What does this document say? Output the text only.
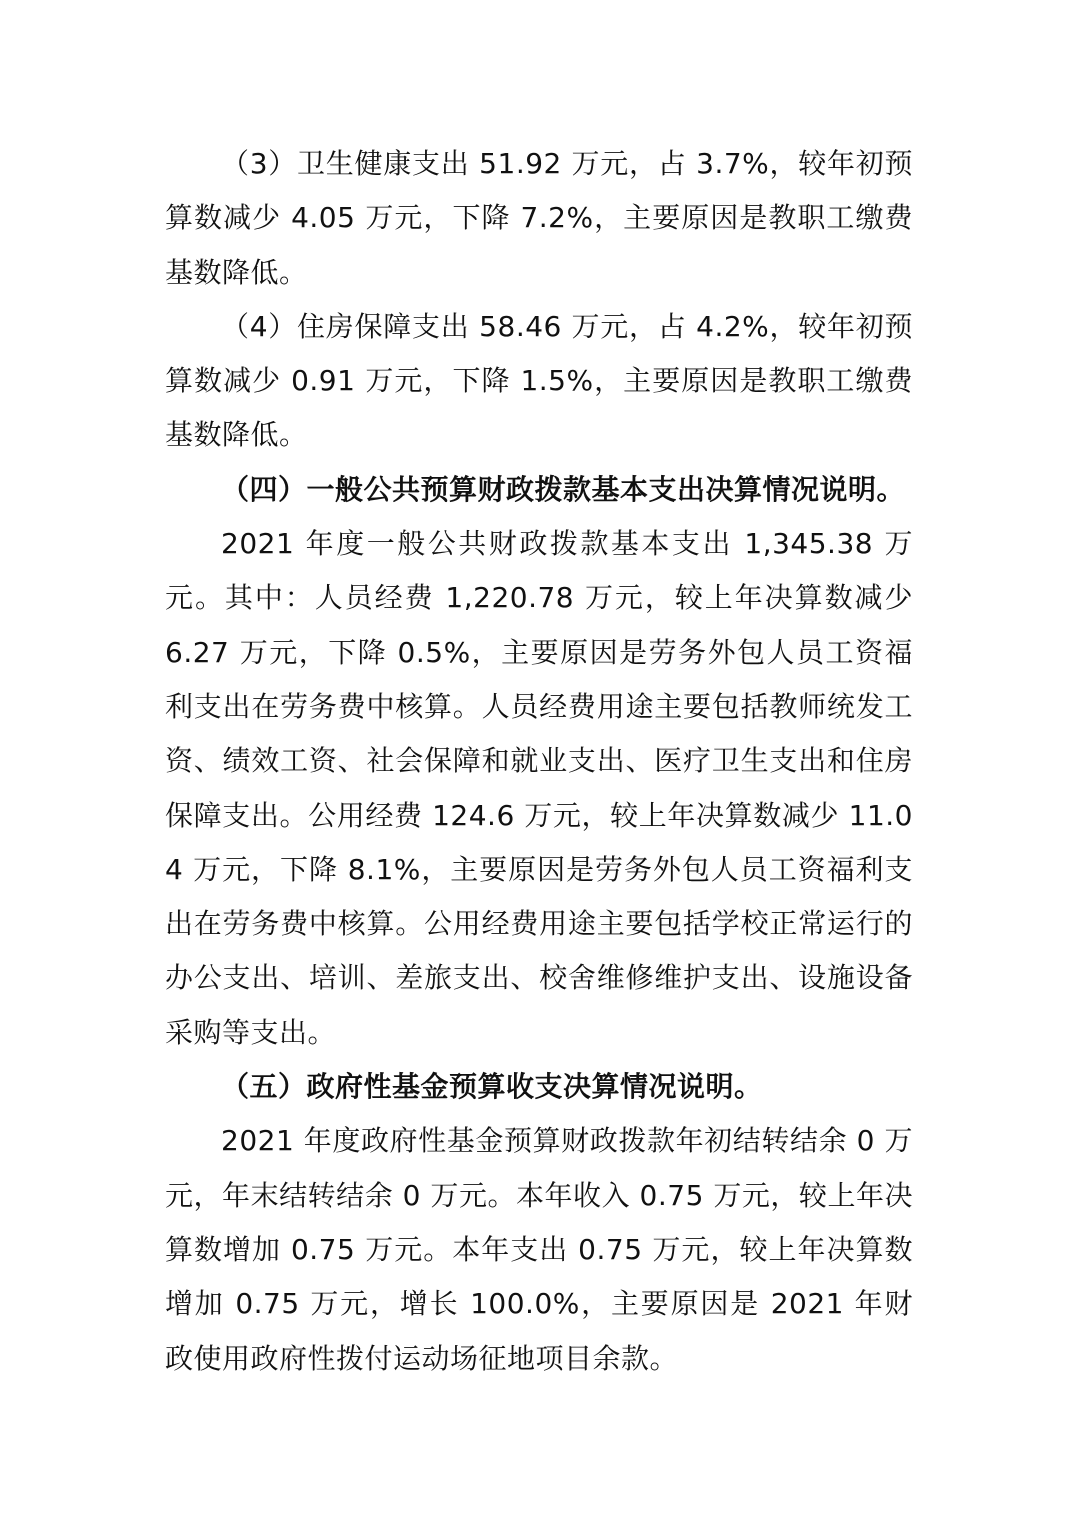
（3）卫生健康支出 51.92 万元，占 3.7%，较年初预算数减少 4.05 万元，下降 7.2%，主要原因是教职工缴费基数降低。

（4）住房保障支出 58.46 万元，占 4.2%，较年初预算数减少 0.91 万元，下降 1.5%，主要原因是教职工缴费基数降低。

（四）一般公共预算财政拨款基本支出决算情况说明。

2021 年度一般公共财政拨款基本支出 1,345.38 万元。其中：人员经费 1,220.78 万元，较上年决算数减少 6.27 万元，下降 0.5%，主要原因是劳务外包人员工资福利支出在劳务费中核算。人员经费用途主要包括教师统发工资、绩效工资、社会保障和就业支出、医疗卫生支出和住房保障支出。公用经费 124.6 万元，较上年决算数减少 11.04 万元，下降 8.1%，主要原因是劳务外包人员工资福利支出在劳务费中核算。公用经费用途主要包括学校正常运行的办公支出、培训、差旅支出、校舍维修维护支出、设施设备采购等支出。

（五）政府性基金预算收支决算情况说明。

2021 年度政府性基金预算财政拨款年初结转结余 0 万元，年末结转结余 0 万元。本年收入 0.75 万元，较上年决算数增加 0.75 万元。本年支出 0.75 万元，较上年决算数增加 0.75 万元，增长 100.0%，主要原因是 2021 年财政使用政府性拨付运动场征地项目余款。
